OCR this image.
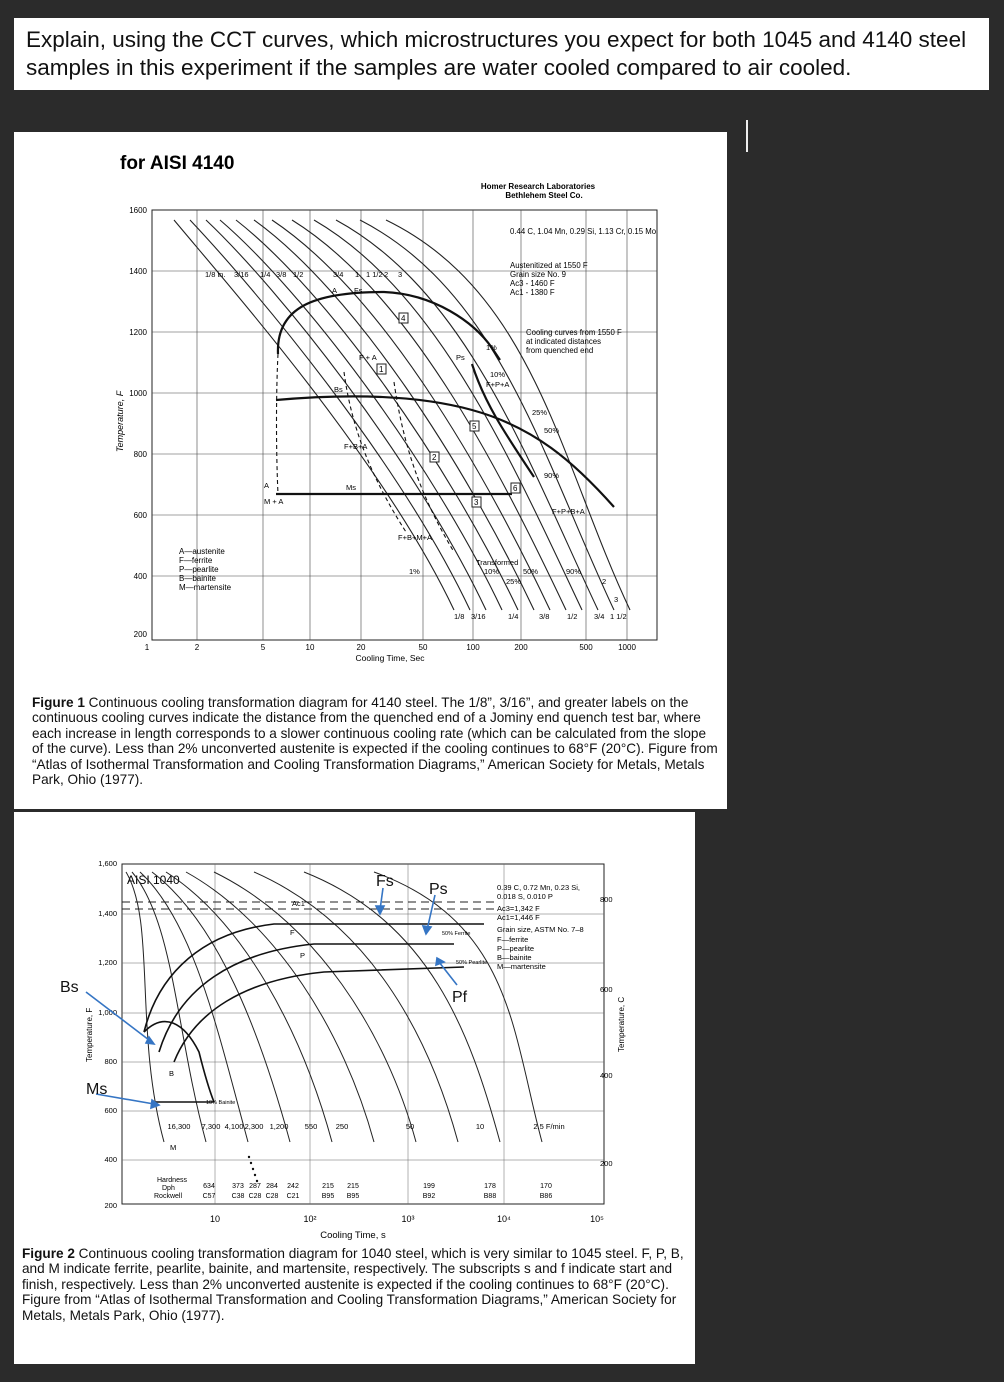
Explain, using the CCT curves, which microstructures you expect for both 1045 and 4140 steel samples in this experiment if the samples are water cooled compared to air cooled.
for AISI 4140
Homer Research Laboratories
Bethlehem Steel Co.
1600
1400
1200
1000
800
600
400
200
Temperature, F
1	2	5	10	20	50	100	200	500	1000
Cooling Time, Sec
1/8 in. 3/16 1/4 3/8 1/2	3/4 1 1 1/2 2 3
1/8 3/16	1/4	3/8 1/2 3/4 1 1/2
0.44 C, 1.04 Mn, 0.29 Si, 1.13 Cr, 0.15 Mo
Austenitized at 1550 F
Grain size No. 9
Ac3 - 1460 F
Ac1 - 1380 F
Cooling curves from 1550 F
at indicated distances
from quenched end
A—austenite
F—ferrite
P—pearlite
B—bainite
M—martensite
A Fs
F + A
Bs
F+B+A
Ps
1%
10%
F+P+A
25%
50%
90%
F+P+B+A
Ms
A
M + A
F+B+M+A
1%
Transformed
10%	50%
25%
90%
2
3
1
2
3
4
5
6
Figure 1 Continuous cooling transformation diagram for 4140 steel. The 1/8”, 3/16”, and greater labels on the continuous cooling curves indicate the distance from the quenched end of a Jominy end quench test bar, where each increase in length corresponds to a slower continuous cooling rate (which can be calculated from the slope of the curve). Less than 2% unconverted austenite is expected if the cooling continues to 68°F (20°C). Figure from “Atlas of Isothermal Transformation and Cooling Transformation Diagrams,” American Society for Metals, Metals Park, Ohio (1977).
AISI 1040
1,600
1,400
1,200
1,000
800
600
400
200
Temperature, F
800
600
400
200
Temperature, C
10	10²	10³	10⁴	10⁵
Cooling Time, s
Fs Ps
Pf
Bs
Ms
Ac1
F
P
B
M
50% Ferrite
50% Pearlite
10% Bainite
0.39 C, 0.72 Mn, 0.23 Si,
0.018 S, 0.010 P
Ac3=1,342 F
Ac1=1,446 F
Grain size, ASTM No. 7–8
F—ferrite
P—pearlite
B—bainite
M—martensite
16,300 7,300 4,100 2,300 1,200 550 250	50	10	2.5 F/min
Hardness
Dph
Rockwell
634 373 287 284 242	215 215	199	178	170
C57 C38 C28 C28 C21	B95 B95	B92	B88	B86
Figure 2 Continuous cooling transformation diagram for 1040 steel, which is very similar to 1045 steel. F, P, B, and M indicate ferrite, pearlite, bainite, and martensite, respectively. The subscripts s and f indicate start and finish, respectively. Less than 2% unconverted austenite is expected if the cooling continues to 68°F (20°C). Figure from “Atlas of Isothermal Transformation and Cooling Transformation Diagrams,” American Society for Metals, Metals Park, Ohio (1977).
